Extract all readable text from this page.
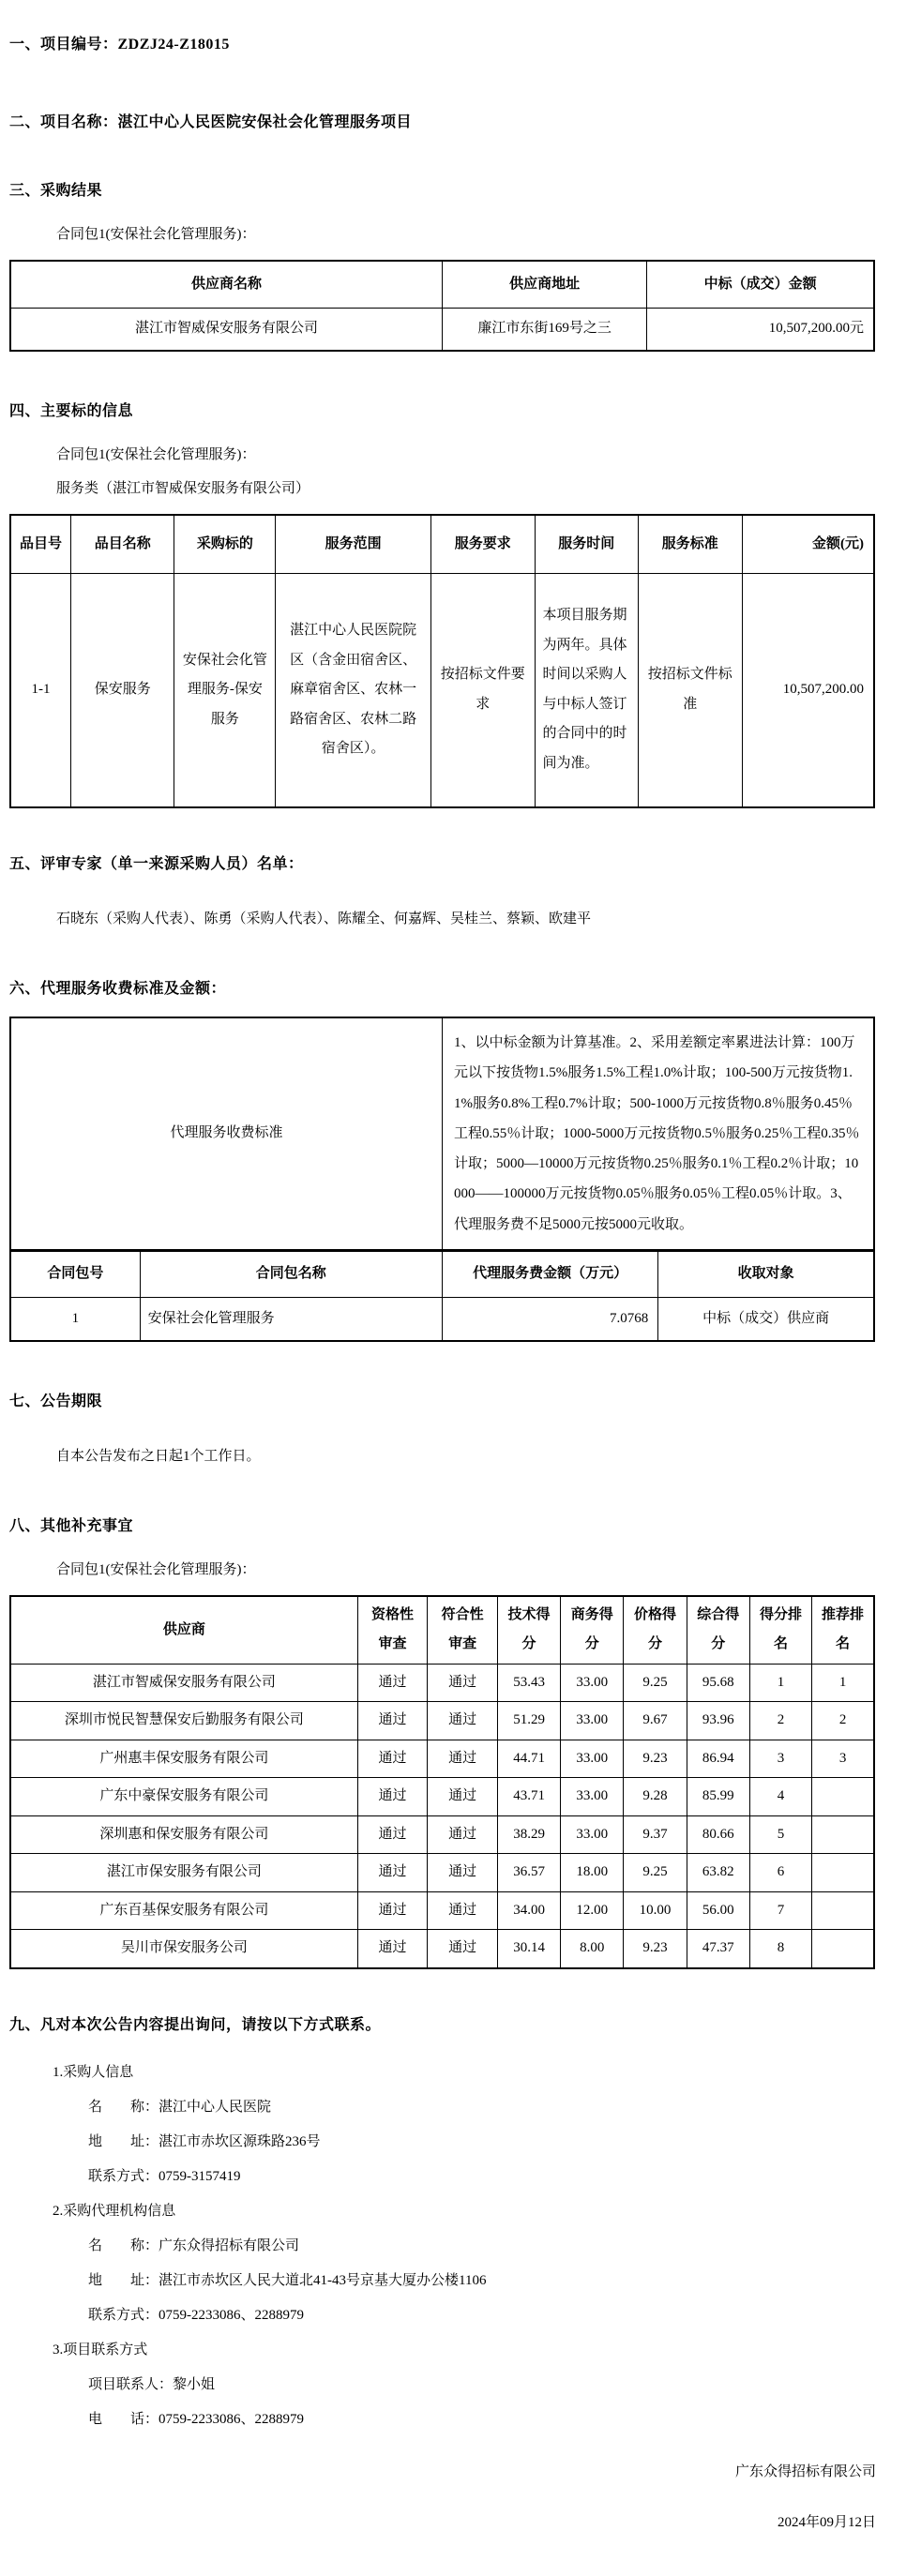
一、项目编号：ZDZJ24-Z18015
二、项目名称：湛江中心人民医院安保社会化管理服务项目
三、采购结果
合同包1(安保社会化管理服务)：
供应商名称	供应商地址	中标（成交）金额
湛江市智威保安服务有限公司	廉江市东街169号之三	10,507,200.00元
四、主要标的信息
合同包1(安保社会化管理服务)：
服务类（湛江市智威保安服务有限公司）
品目号	品目名称	采购标的	服务范围	服务要求	服务时间	服务标准	金额(元)
1-1	保安服务	安保社会化管理服务-保安服务	湛江中心人民医院院区（含金田宿舍区、麻章宿舍区、农林一路宿舍区、农林二路宿舍区）。	按招标文件要求	本项目服务期为两年。具体时间以采购人与中标人签订的合同中的时间为准。	按招标文件标准	10,507,200.00
五、评审专家（单一来源采购人员）名单：
石晓东（采购人代表）、陈勇（采购人代表）、陈耀全、何嘉辉、吴桂兰、蔡颖、欧建平
六、代理服务收费标准及金额：
代理服务收费标准	1、以中标金额为计算基准。2、采用差额定率累进法计算：100万元以下按货物1.5%服务1.5%工程1.0%计取；100-500万元按货物1.1%服务0.8%工程0.7%计取；500-1000万元按货物0.8％服务0.45％工程0.55％计取；1000-5000万元按货物0.5％服务0.25％工程0.35％计取；5000—10000万元按货物0.25％服务0.1％工程0.2％计取；10000——100000万元按货物0.05％服务0.05％工程0.05％计取。3、代理服务费不足5000元按5000元收取。
合同包号	合同包名称	代理服务费金额（万元）	收取对象
1	安保社会化管理服务	7.0768	中标（成交）供应商
七、公告期限
自本公告发布之日起1个工作日。
八、其他补充事宜
合同包1(安保社会化管理服务)：
供应商	资格性审查	符合性审查	技术得分	商务得分	价格得分	综合得分	得分排名	推荐排名
湛江市智威保安服务有限公司	通过	通过	53.43	33.00	9.25	95.68	1	1
深圳市悦民智慧保安后勤服务有限公司	通过	通过	51.29	33.00	9.67	93.96	2	2
广州惠丰保安服务有限公司	通过	通过	44.71	33.00	9.23	86.94	3	3
广东中豪保安服务有限公司	通过	通过	43.71	33.00	9.28	85.99	4	
深圳惠和保安服务有限公司	通过	通过	38.29	33.00	9.37	80.66	5	
湛江市保安服务有限公司	通过	通过	36.57	18.00	9.25	63.82	6	
广东百基保安服务有限公司	通过	通过	34.00	12.00	10.00	56.00	7	
吴川市保安服务公司	通过	通过	30.14	8.00	9.23	47.37	8	
九、凡对本次公告内容提出询问，请按以下方式联系。
1.采购人信息
名　　称：湛江中心人民医院
地　　址：湛江市赤坎区源珠路236号
联系方式：0759-3157419
2.采购代理机构信息
名　　称：广东众得招标有限公司
地　　址：湛江市赤坎区人民大道北41-43号京基大厦办公楼1106
联系方式：0759-2233086、2288979
3.项目联系方式
项目联系人：黎小姐
电　　话：0759-2233086、2288979
广东众得招标有限公司
2024年09月12日
